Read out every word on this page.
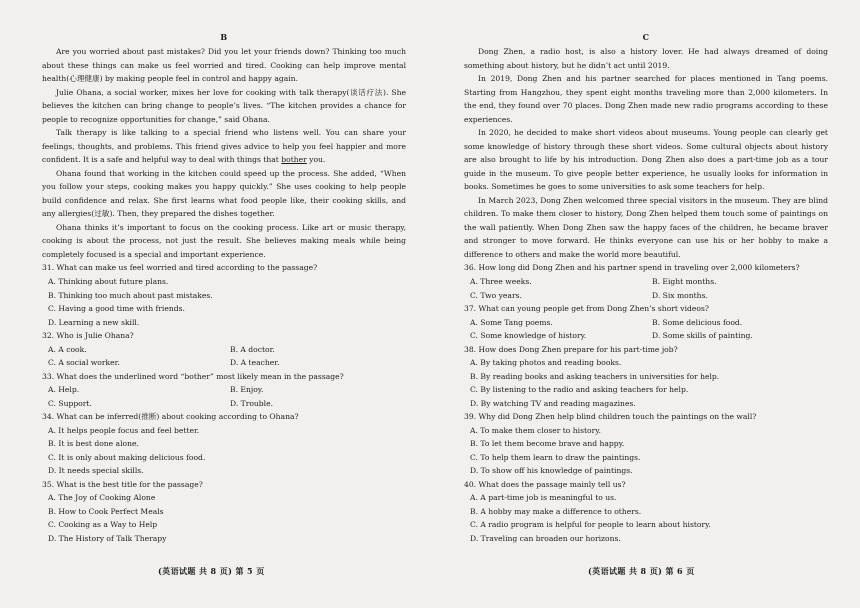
B

Are you worried about past mistakes? Did you let your friends down? Thinking too much about these things can make us feel worried and tired. Cooking can help improve mental health(心理健康) by making people feel in control and happy again.

Julie Ohana, a social worker, mixes her love for cooking with talk therapy(谈话疗法). She believes the kitchen can bring change to people’s lives. “The kitchen provides a chance for people to recognize opportunities for change,” said Ohana.

Talk therapy is like talking to a special friend who listens well. You can share your feelings, thoughts, and problems. This friend gives advice to help you feel happier and more confident. It is a safe and helpful way to deal with things that bother you.

Ohana found that working in the kitchen could speed up the process. She added, “When you follow your steps, cooking makes you happy quickly.” She uses cooking to help people build confidence and relax. She first learns what food people like, their cooking skills, and any allergies(过敏). Then, they prepared the dishes together.

Ohana thinks it’s important to focus on the cooking process. Like art or music therapy, cooking is about the process, not just the result. She believes making meals while being completely focused is a special and important experience.

31. What can make us feel worried and tired according to the passage?

A. Thinking about future plans.

B. Thinking too much about past mistakes.

C. Having a good time with friends.

D. Learning a new skill.

32. Who is Julie Ohana?

A. A cook.	B. A doctor.

C. A social worker.	D. A teacher.

33. What does the underlined word “bother” most likely mean in the passage?

A. Help.	B. Enjoy.

C. Support.	D. Trouble.

34. What can be inferred(推断) about cooking according to Ohana?

A. It helps people focus and feel better.

B. It is best done alone.

C. It is only about making delicious food.

D. It needs special skills.

35. What is the best title for the passage?

A. The Joy of Cooking Alone

B. How to Cook Perfect Meals

C. Cooking as a Way to Help

D. The History of Talk Therapy

(英语试题 共 8 页) 第 5 页
C

Dong Zhen, a radio host, is also a history lover. He had always dreamed of doing something about history, but he didn’t act until 2019.

In 2019, Dong Zhen and his partner searched for places mentioned in Tang poems. Starting from Hangzhou, they spent eight months traveling more than 2,000 kilometers. In the end, they found over 70 places. Dong Zhen made new radio programs according to these experiences.

In 2020, he decided to make short videos about museums. Young people can clearly get some knowledge of history through these short videos. Some cultural objects about history are also brought to life by his introduction. Dong Zhen also does a part-time job as a tour guide in the museum. To give people better experience, he usually looks for information in books. Sometimes he goes to some universities to ask some teachers for help.

In March 2023, Dong Zhen welcomed three special visitors in the museum. They are blind children. To make them closer to history, Dong Zhen helped them touch some of paintings on the wall patiently. When Dong Zhen saw the happy faces of the children, he became braver and stronger to move forward. He thinks everyone can use his or her hobby to make a difference to others and make the world more beautiful.

36. How long did Dong Zhen and his partner spend in traveling over 2,000 kilometers?

A. Three weeks.	B. Eight months.

C. Two years.	D. Six months.

37. What can young people get from Dong Zhen’s short videos?

A. Some Tang poems.	B. Some delicious food.

C. Some knowledge of history.	D. Some skills of painting.

38. How does Dong Zhen prepare for his part-time job?

A. By taking photos and reading books.

B. By reading books and asking teachers in universities for help.

C. By listening to the radio and asking teachers for help.

D. By watching TV and reading magazines.

39. Why did Dong Zhen help blind children touch the paintings on the wall?

A. To make them closer to history.

B. To let them become brave and happy.

C. To help them learn to draw the paintings.

D. To show off his knowledge of paintings.

40. What does the passage mainly tell us?

A. A part-time job is meaningful to us.

B. A hobby may make a difference to others.

C. A radio program is helpful for people to learn about history.

D. Traveling can broaden our horizons.

(英语试题 共 8 页) 第 6 页
